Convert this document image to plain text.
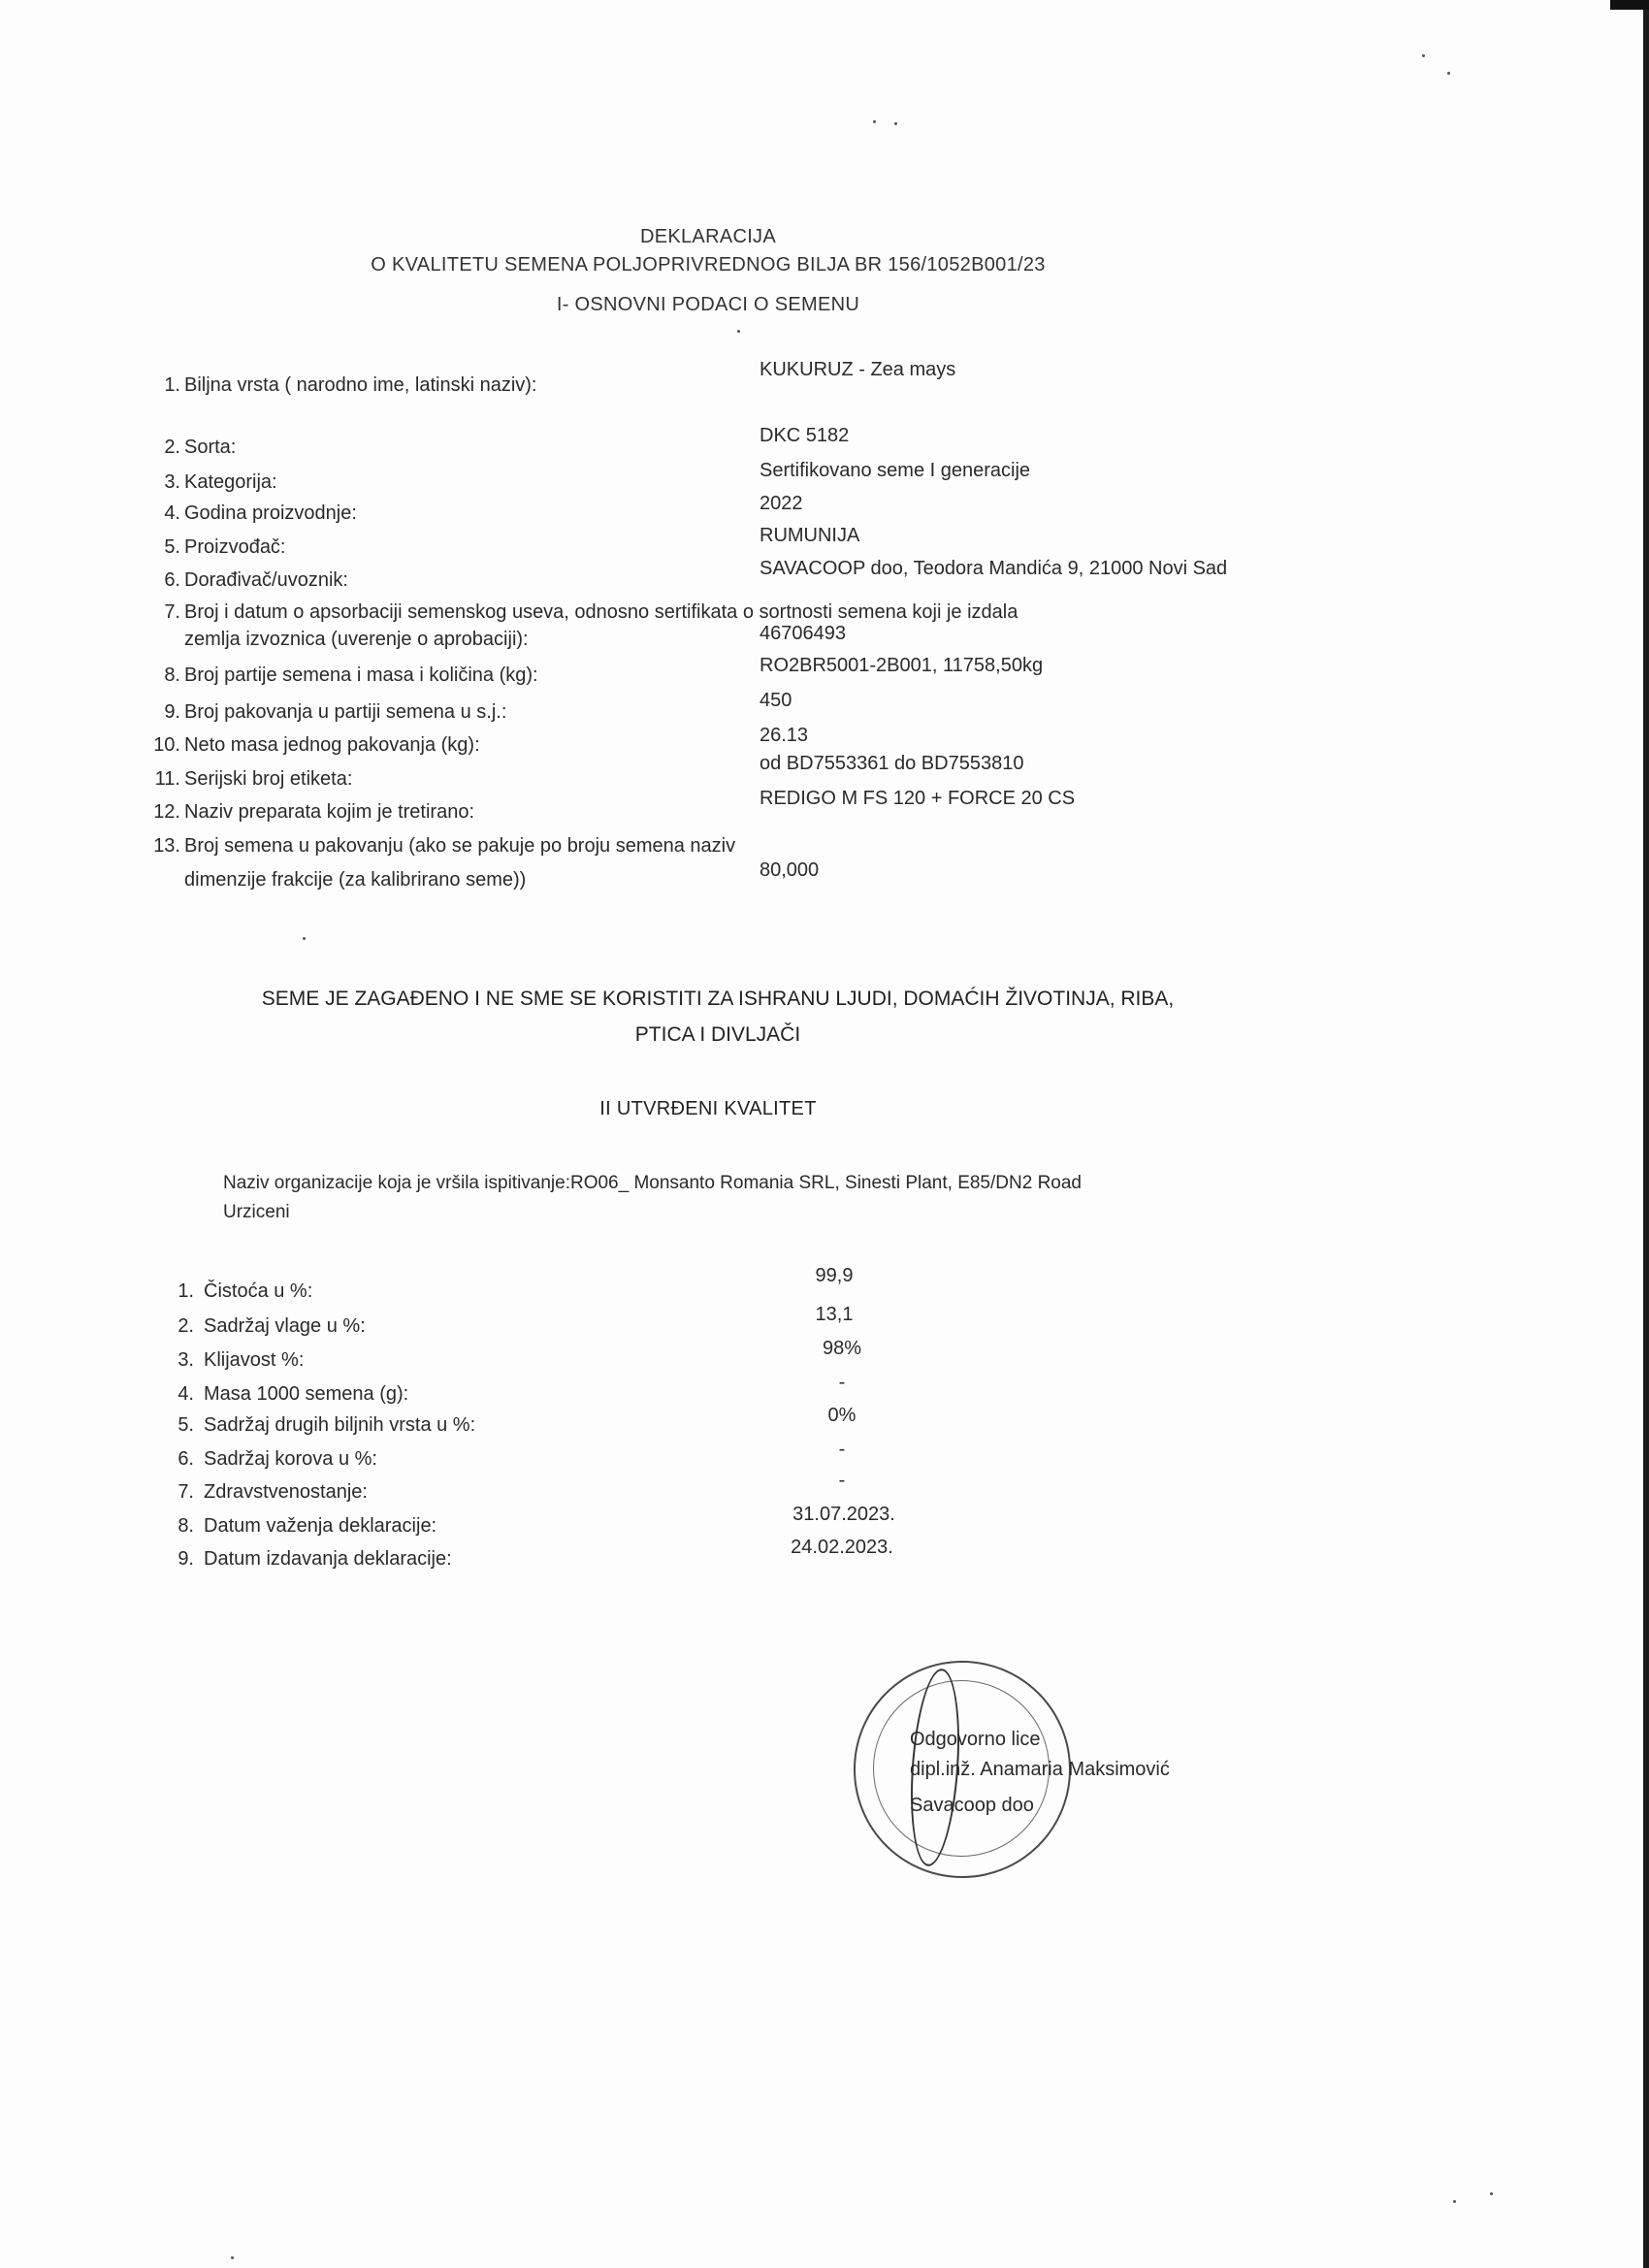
DEKLARACIJA
O KVALITETU SEMENA POLJOPRIVREDNOG BILJA BR 156/1052B001/23
I- OSNOVNI PODACI O SEMENU
1. Biljna vrsta ( narodno ime, latinski naziv):
KUKURUZ - Zea mays
2. Sorta:
DKC 5182
3. Kategorija:
Sertifikovano seme I generacije
4. Godina proizvodnje:	2022
5. Proizvođač:
RUMUNIJA
6. Dorađivač/uvoznik:
SAVACOOP doo, Teodora Mandića 9, 21000 Novi Sad
7. Broj i datum o apsorbaciji semenskog useva, odnosno sertifikata o sortnosti semena koji je izdala
zemlja izvoznica (uverenje o aprobaciji):	46706493
8. Broj partije semena i masa i količina (kg):	RO2BR5001-2B001, 11758,50kg
9. Broj pakovanja u partiji semena u s.j.:
450
10. Neto masa jednog pakovanja (kg):	26.13
11. Serijski broj etiketa:
od BD7553361 do BD7553810
12. Naziv preparata kojim je tretirano:
REDIGO M FS 120 + FORCE 20 CS
13. Broj semena u pakovanju (ako se pakuje po broju semena naziv
dimenzije frakcije (za kalibrirano seme))	80,000
SEME JE ZAGAĐENO I NE SME SE KORISTITI ZA ISHRANU LJUDI, DOMAĆIH ŽIVOTINJA, RIBA,
PTICA I DIVLJAČI
II UTVRĐENI KVALITET
Naziv organizacije koja je vršila ispitivanje:RO06_ Monsanto Romania SRL, Sinesti Plant, E85/DN2 Road
Urziceni
1. Čistoća u %:
99,9
2. Sadržaj vlage u %:
13,1
3. Klijavost %:
98%
4. Masa 1000 semena (g):
-
5. Sadržaj drugih biljnih vrsta u %:	0%
6. Sadržaj korova u %:	-
7. Zdravstvenostanje:
-
8. Datum važenja deklaracije:
31.07.2023.
9. Datum izdavanja deklaracije:
24.02.2023.
Odgovorno lice
dipl.inž. Anamaria Maksimović
Savacoop doo
